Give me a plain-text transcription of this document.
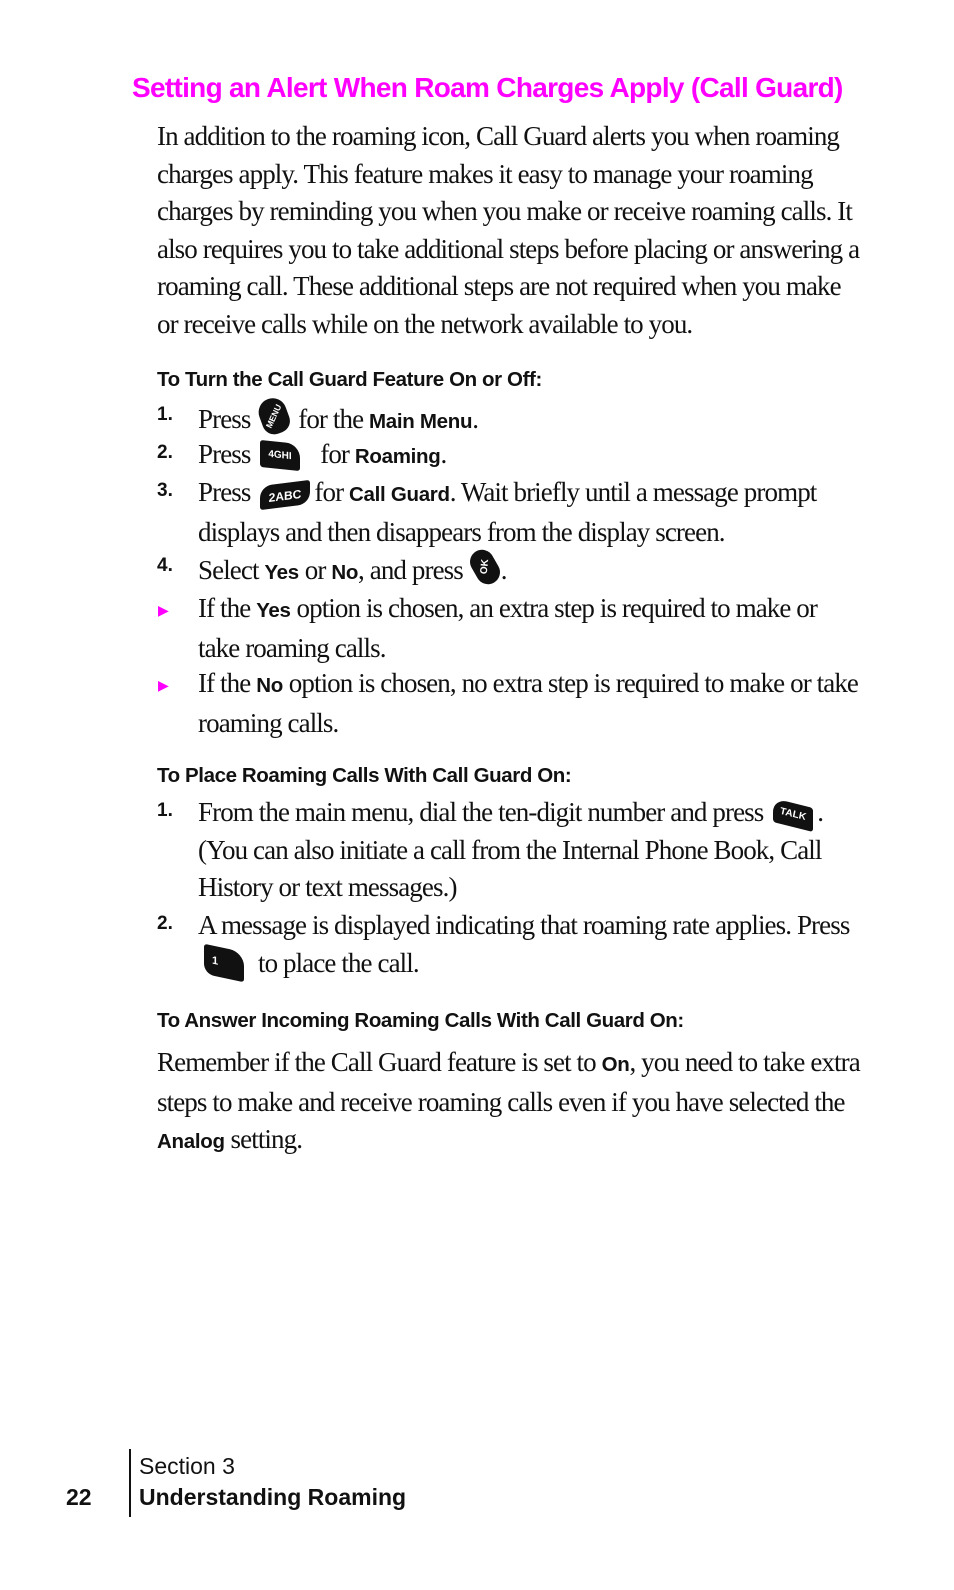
Setting an Alert When Roam Charges Apply (Call Guard)

In addition to the roaming icon, Call Guard alerts you when roaming charges apply. This feature makes it easy to manage your roaming charges by reminding you when you make or receive roaming calls. It also requires you to take additional steps before placing or answering a roaming call. These additional steps are not required when you make or receive calls while on the network available to you.

To Turn the Call Guard Feature On or Off:
1. Press MENU for the Main Menu.
2. Press 4GHI for Roaming.
3. Press 2ABC for Call Guard. Wait briefly until a message prompt displays and then disappears from the display screen.
4. Select Yes or No, and press OK .
▶ If the Yes option is chosen, an extra step is required to make or take roaming calls.
▶ If the No option is chosen, no extra step is required to make or take roaming calls.
To Place Roaming Calls With Call Guard On:
1. From the main menu, dial the ten-digit number and press TALK . (You can also initiate a call from the Internal Phone Book, Call History or text messages.)
2. A message is displayed indicating that roaming rate applies. Press
1 to place the call.
To Answer Incoming Roaming Calls With Call Guard On:

Remember if the Call Guard feature is set to On, you need to take extra steps to make and receive roaming calls even if you have selected the Analog setting.

22
Section 3
Understanding Roaming
